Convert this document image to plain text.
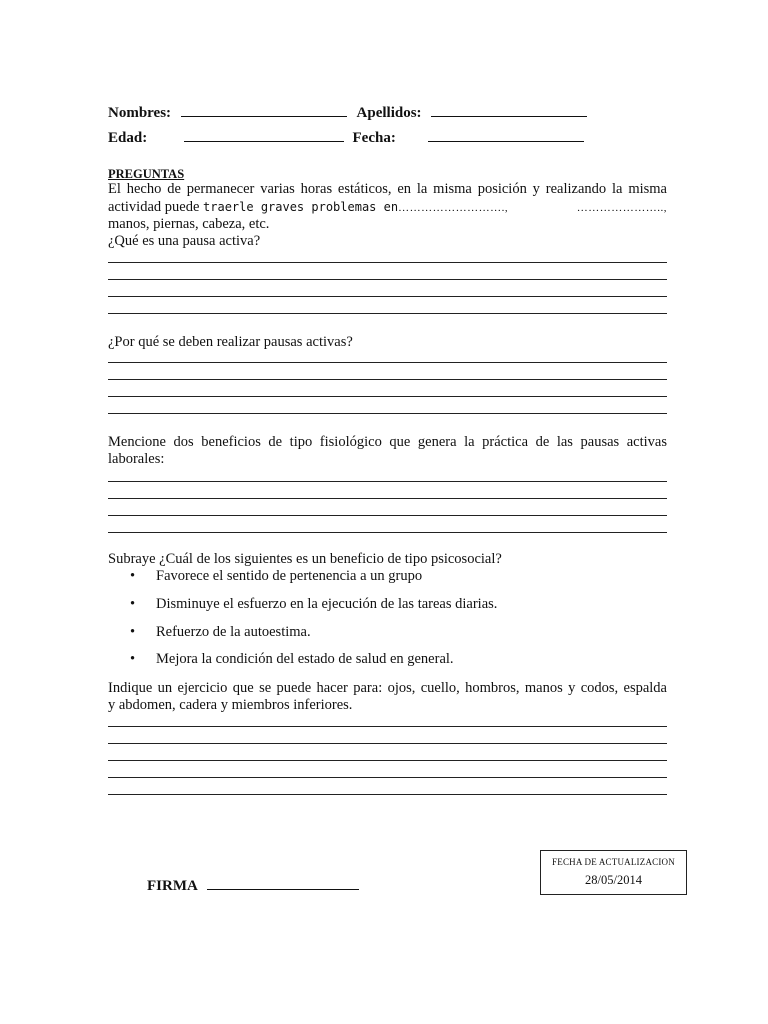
Nombres:	Apellidos:
Edad:	Fecha:
PREGUNTAS
El hecho de permanecer varias horas estáticos, en la misma posición y realizando la misma
actividad puede traerle graves problemas en……………………….,	…………………..,
manos, piernas, cabeza, etc.
¿Qué es una pausa activa?
¿Por qué se deben realizar pausas activas?
Mencione dos beneficios de tipo fisiológico que genera la práctica de las pausas activas
laborales:
Subraye ¿Cuál de los siguientes es un beneficio de tipo psicosocial?
• Favorece el sentido de pertenencia a un grupo
• Disminuye el esfuerzo en la ejecución de las tareas diarias.
• Refuerzo de la autoestima.
• Mejora la condición del estado de salud en general.
Indique un ejercicio que se puede hacer para: ojos, cuello, hombros, manos y codos, espalda
y abdomen, cadera y miembros inferiores.
FIRMA
FECHA DE ACTUALIZACION
28/05/2014
